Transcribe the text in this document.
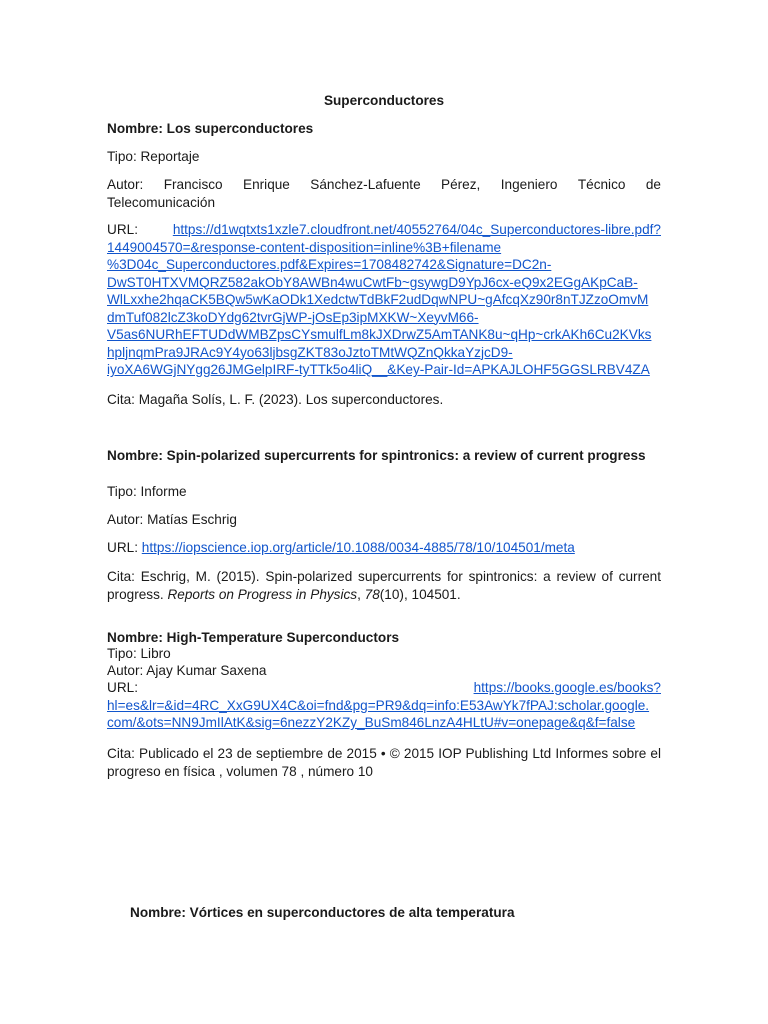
Superconductores

Nombre: Los superconductores

Tipo: Reportaje

Autor: Francisco Enrique Sánchez-Lafuente Pérez, Ingeniero Técnico de
Telecomunicación

URL:	https://d1wqtxts1xzle7.cloudfront.net/40552764/04c_Superconductores-libre.pdf?
1449004570=&response-content-disposition=inline%3B+filename
%3D04c_Superconductores.pdf&Expires=1708482742&Signature=DC2n-
DwST0HTXVMQRZ582akObY8AWBn4wuCwtFb~gsywgD9YpJ6cx-eQ9x2EGgAKpCaB-
WlLxxhe2hqaCK5BQw5wKaODk1XedctwTdBkF2udDqwNPU~gAfcqXz90r8nTJZzoOmvM
dmTuf082lcZ3koDYdg62tvrGjWP-jOsEp3ipMXKW~XeyvM66-
V5as6NURhEFTUDdWMBZpsCYsmulfLm8kJXDrwZ5AmTANK8u~qHp~crkAKh6Cu2KVks
hpljnqmPra9JRAc9Y4yo63ljbsgZKT83oJztoTMtWQZnQkkaYzjcD9-
iyoXA6WGjNYgg26JMGelpIRF-tyTTk5o4liQ__&Key-Pair-Id=APKAJLOHF5GGSLRBV4ZA

Cita: Magaña Solís, L. F. (2023). Los superconductores.

Nombre: Spin-polarized supercurrents for spintronics: a review of current progress

Tipo: Informe

Autor: Matías Eschrig

URL: https://iopscience.iop.org/article/10.1088/0034-4885/78/10/104501/meta

Cita: Eschrig, M. (2015). Spin-polarized supercurrents for spintronics: a review of current progress. Reports on Progress in Physics, 78(10), 104501.

Nombre: High-Temperature Superconductors

Tipo: Libro

Autor: Ajay Kumar Saxena

URL:	https://books.google.es/books?
hl=es&lr=&id=4RC_XxG9UX4C&oi=fnd&pg=PR9&dq=info:E53AwYk7fPAJ:scholar.google.
com/&ots=NN9JmIlAtK&sig=6nezzY2KZy_BuSm846LnzA4HLtU#v=onepage&q&f=false

Cita: Publicado el 23 de septiembre de 2015 • © 2015 IOP Publishing Ltd Informes sobre el progreso en física , volumen 78 , número 10

Nombre: Vórtices en superconductores de alta temperatura
